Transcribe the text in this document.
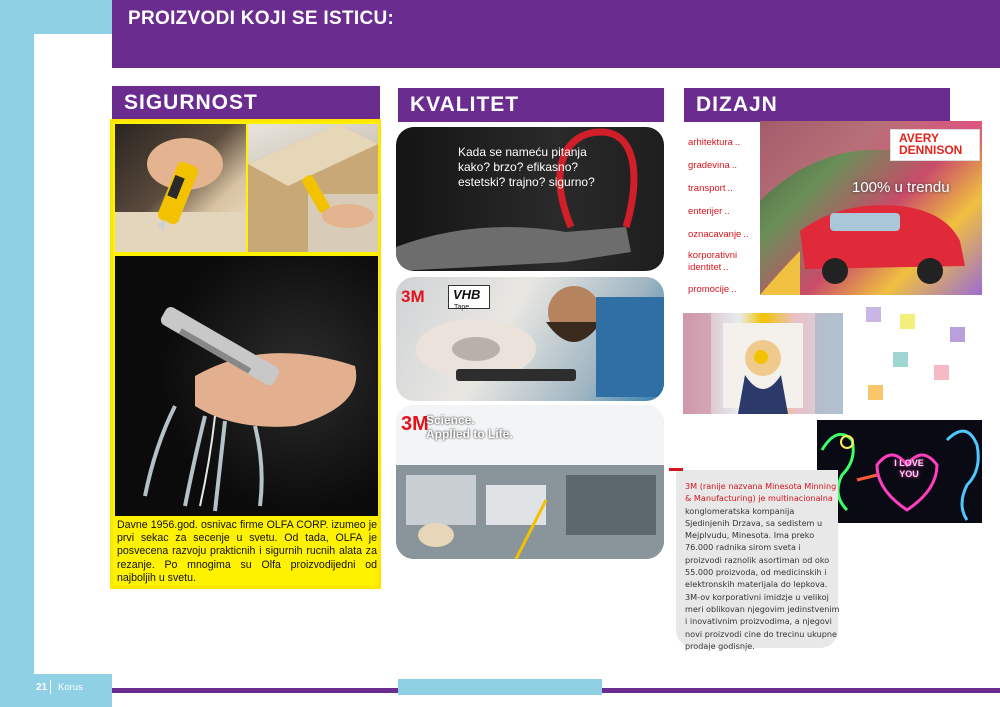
PROIZVODI KOJI SE ISTICU:
SIGURNOST
Davne 1956.god. osnivac firme OLFA CORP. izumeo je prvi sekac za secenje u svetu. Od tada, OLFA je posvecena razvoju prakticnih i sigurnih rucnih alata za rezanje. Po mnogima su Olfa proizvodijedni od najboljih u svetu.
KVALITET
Kada se nameću pitanja
kako? brzo? efikasno?
estetski? trajno? sigurno?
3M	VHB
Tape
3M
Science.
Applied to Life.
DIZAJN
arhitektura ..
gradevina ..
transport ..
enterijer ..
oznacavanje ..
korporativni identitet ..
promocije ..
AVERY
DENNISON
100% u trendu
I LOVE
YOU
3M (ranije nazvana Minesota Minning & Manufacturing) je multinacionalna konglomeratska kompanija Sjedinjenih Drzava, sa sedistem u Mejplvudu, Minesota. Ima preko 76.000 radnika sirom sveta i proizvodi raznolik asortiman od oko 55.000 proizvoda, od medicinskih i elektronskih materijala do lepkova. 3M-ov korporativni imidzje u velikoj meri oblikovan njegovim jedinstvenim i inovativnim proizvodima, a njegovi novi proizvodi cine do trecinu ukupne prodaje godisnje.
21 Korus
